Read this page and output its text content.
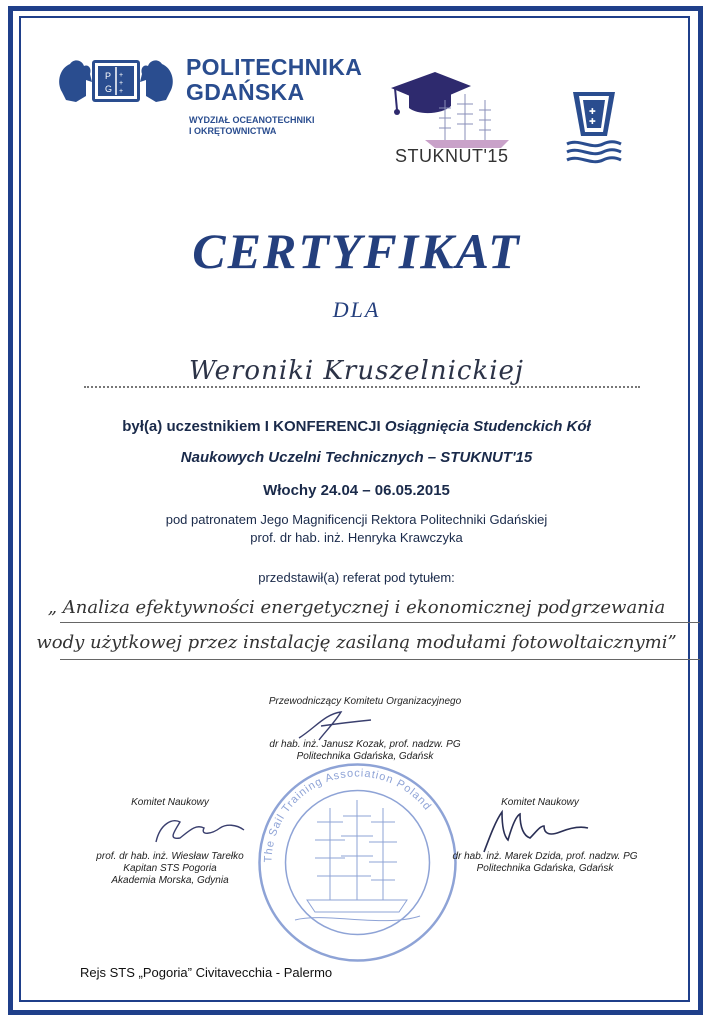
P
G
+
+
+
POLITECHNIKA
GDAŃSKA
WYDZIAŁ OCEANOTECHNIKI
I OKRĘTOWNICTWA
STUKNUT'15
✚
✚
CERTYFIKAT
DLA
Weroniki Kruszelnickiej
był(a) uczestnikiem I KONFERENCJI Osiągnięcia Studenckich Kół
Naukowych Uczelni Technicznych – STUKNUT'15
Włochy 24.04 – 06.05.2015
pod patronatem Jego Magnificencji Rektora Politechniki Gdańskiej
prof. dr hab. inż. Henryka Krawczyka
przedstawił(a) referat pod tytułem:
„ Analiza efektywności energetycznej i ekonomicznej podgrzewania
wody użytkowej przez instalację zasilaną modułami fotowoltaicznymi”
Przewodniczący Komitetu Organizacyjnego
dr hab. inż. Janusz Kozak, prof. nadzw. PG
Politechnika Gdańska, Gdańsk
The Sail Training Association Poland
Komitet Naukowy
prof. dr hab. inż. Wiesław Tarełko
Kapitan STS Pogoria
Akademia Morska, Gdynia
Komitet Naukowy
dr hab. inż. Marek Dzida, prof. nadzw. PG
Politechnika Gdańska, Gdańsk
Rejs STS „Pogoria” Civitavecchia - Palermo
